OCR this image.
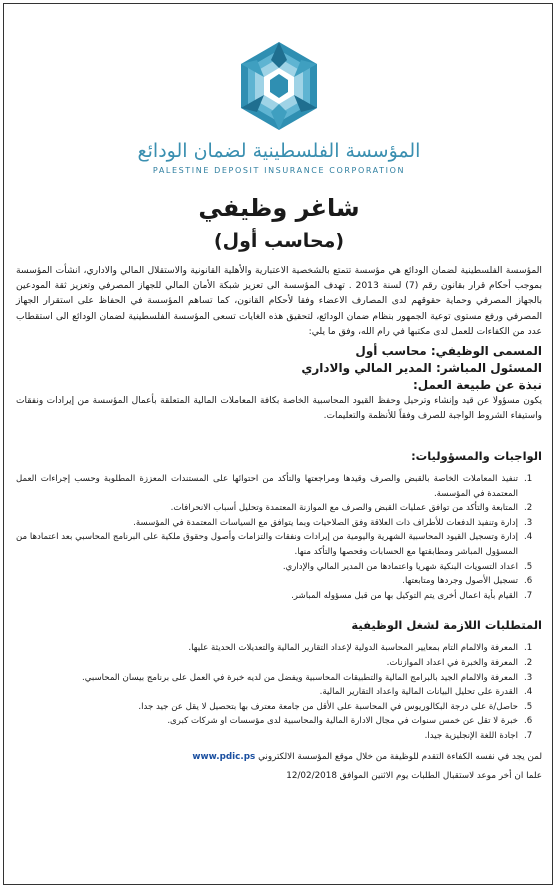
المؤسسة الفلسطينية لضمان الودائع
PALESTINE DEPOSIT INSURANCE CORPORATION
شاغر وظيفي
(محاسب أول)

المؤسسة الفلسطينية لضمان الودائع هي مؤسسة تتمتع بالشخصية الاعتبارية والأهلية القانونية والاستقلال المالي والاداري، انشأت المؤسسة بموجب أحكام قرار بقانون رقم (7) لسنة 2013 . تهدف المؤسسة الى تعزيز شبكة الأمان المالي للجهاز المصرفي وتعزيز ثقة المودعين بالجهاز المصرفي وحماية حقوقهم لدى المصارف الاعضاء وفقا لأحكام القانون، كما تساهم المؤسسة في الحفاظ على استقرار الجهاز المصرفي ورفع مستوى توعية الجمهور بنظام ضمان الودائع، لتحقيق هذه الغايات تسعى المؤسسة الفلسطينية لضمان الودائع الى استقطاب عدد من الكفاءات للعمل لدى مكتبها في رام الله، وفق ما يلي:

المسمى الوظيفي: محاسب أول

المسئول المباشر: المدير المالي والاداري

نبذة عن طبيعة العمل:

يكون مسؤولا عن قيد وإنشاء وترحيل وحفظ القيود المحاسبية الخاصة بكافة المعاملات المالية المتعلقة بأعمال المؤسسة من إيرادات ونفقات واستيفاء الشروط الواجبة للصرف وفقاً للأنظمة والتعليمات.

الواجبات والمسؤوليات:

1.
تنفيذ المعاملات الخاصة بالقبض والصرف وقيدها ومراجعتها والتأكد من احتوائها على المستندات المعززة المطلوبة وحسب إجراءات العمل المعتمدة في المؤسسة.
2.
المتابعة والتأكد من توافق عمليات القبض والصرف مع الموازنة المعتمدة وتحليل أسباب الانحرافات.
3.
إدارة وتنفيذ الدفعات للأطراف ذات العلاقة وفق الصلاحيات وبما يتوافق مع السياسات المعتمدة في المؤسسة.
4.
إدارة وتسجيل القيود المحاسبية الشهرية واليومية من إيرادات ونفقات والتزامات وأصول وحقوق ملكية على البرنامج المحاسبي بعد اعتمادها من المسؤول المباشر ومطابقتها مع الحسابات وفحصها والتأكد منها.
5.
اعداد التسويات البنكية شهريا واعتمادها من المدير المالي والإداري.
6.
تسجيل الأصول وجردها ومتابعتها.
7.
القيام بأية اعمال أخرى يتم التوكيل بها من قبل مسؤوله المباشر.

المتطلبات اللازمة لشغل الوظيفية

1.
المعرفة والالمام التام بمعايير المحاسبة الدولية لإعداد التقارير المالية والتعديلات الحديثة عليها.
2.
المعرفة والخبرة في اعداد الموازنات.
3.
المعرفة والالمام الجيد بالبرامج المالية والتطبيقات المحاسبية ويفضل من لديه خبرة في العمل على برنامج بيسان المحاسبي.
4.
القدرة على تحليل البيانات المالية واعداد التقارير المالية.
5.
حاصل/ة على درجة البكالوريوس في المحاسبة على الأقل من جامعة معترف بها بتحصيل لا يقل عن جيد جدا.
6.
خبرة لا تقل عن خمس سنوات في مجال الادارة المالية والمحاسبية لدى مؤسسات او شركات كبرى.
7.
اجادة اللغة الإنجليزية جيدا.

لمن يجد في نفسه الكفاءة التقدم للوظيفة من خلال موقع المؤسسة الالكتروني www.pdic.ps

علما ان أخر موعد لاستقبال الطلبات يوم الاثنين الموافق 12/02/2018
